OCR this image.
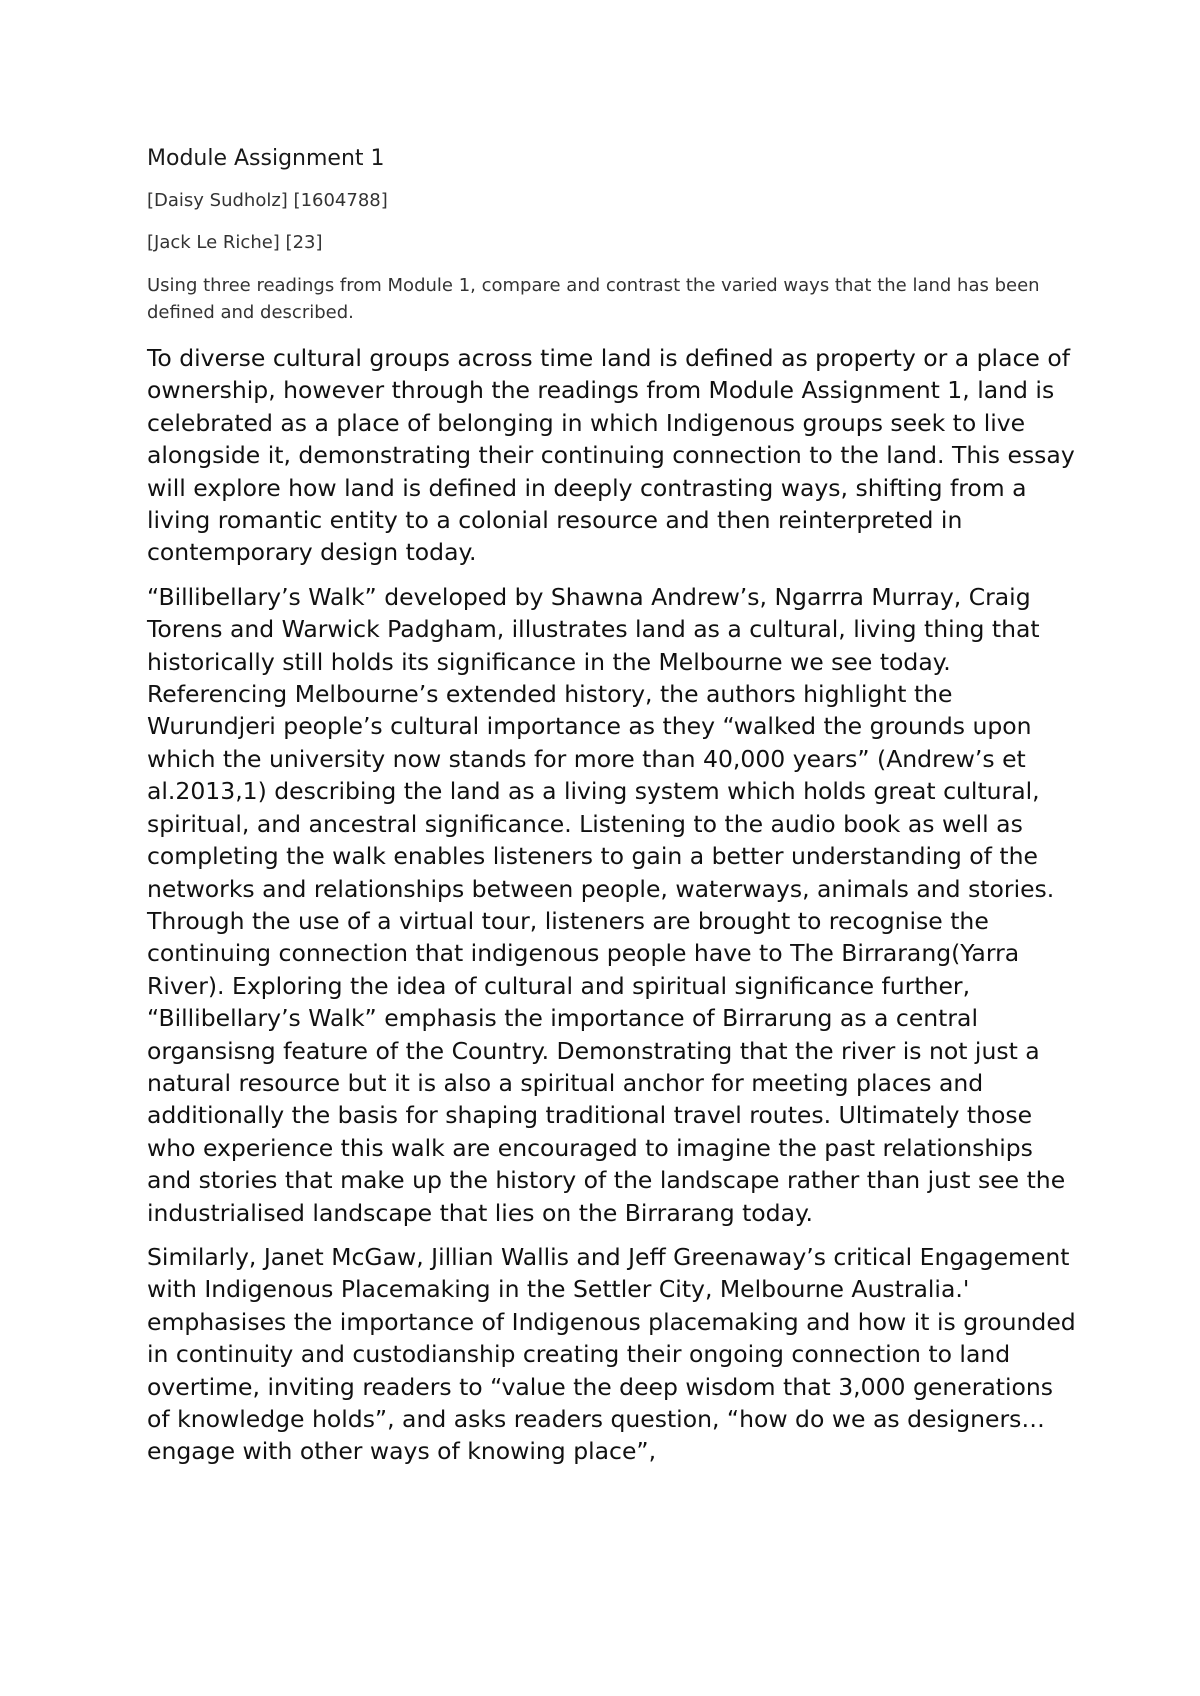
Module Assignment 1
[Daisy Sudholz] [1604788]
[Jack Le Riche] [23]
Using three readings from Module 1, compare and contrast the varied ways that the land has been defined and described.

To diverse cultural groups across time land is defined as property or a place of ownership, however through the readings from Module Assignment 1, land is celebrated as a place of belonging in which Indigenous groups seek to live alongside it, demonstrating their continuing connection to the land. This essay will explore how land is defined in deeply contrasting ways, shifting from a living romantic entity to a colonial resource and then reinterpreted in contemporary design today.

“Billibellary’s Walk” developed by Shawna Andrew’s, Ngarrra Murray, Craig Torens and Warwick Padgham, illustrates land as a cultural, living thing that historically still holds its significance in the Melbourne we see today. Referencing Melbourne’s extended history, the authors highlight the Wurundjeri people’s cultural importance as they “walked the grounds upon which the university now stands for more than 40,000 years” (Andrew’s et al.2013,1) describing the land as a living system which holds great cultural, spiritual, and ancestral significance. Listening to the audio book as well as completing the walk enables listeners to gain a better understanding of the networks and relationships between people, waterways, animals and stories. Through the use of a virtual tour, listeners are brought to recognise the continuing connection that indigenous people have to The Birrarang(Yarra River). Exploring the idea of cultural and spiritual significance further, “Billibellary’s Walk” emphasis the importance of Birrarung as a central organsisng feature of the Country. Demonstrating that the river is not just a natural resource but it is also a spiritual anchor for meeting places and additionally the basis for shaping traditional travel routes. Ultimately those who experience this walk are encouraged to imagine the past relationships and stories that make up the history of the landscape rather than just see the industrialised landscape that lies on the Birrarang today.

Similarly, Janet McGaw, Jillian Wallis and Jeff Greenaway’s critical Engagement with Indigenous Placemaking in the Settler City, Melbourne Australia.' emphasises the importance of Indigenous placemaking and how it is grounded in continuity and custodianship creating their ongoing connection to land overtime, inviting readers to “value the deep wisdom that 3,000 generations of knowledge holds”, and asks readers question, “how do we as designers… engage with other ways of knowing place”,
